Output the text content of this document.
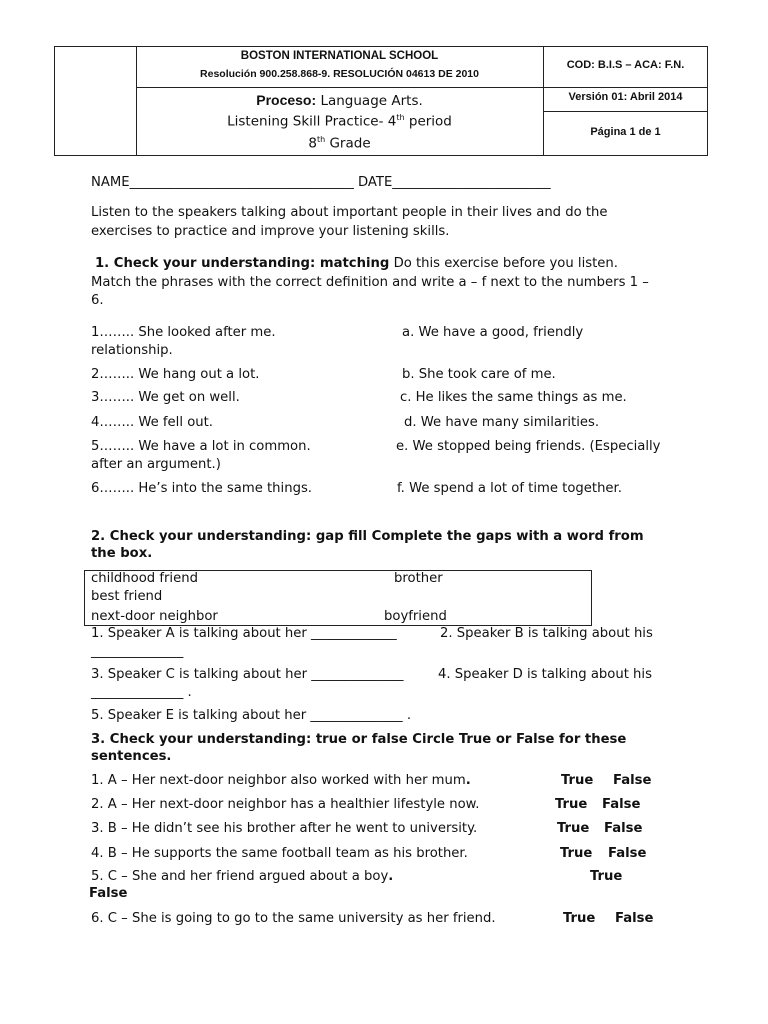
BOSTON INTERNATIONAL SCHOOL
Resolución 900.258.868-9. RESOLUCIÓN 04613 DE 2010
COD: B.I.S – ACA: F.N.
Proceso: Language Arts.
Listening Skill Practice- 4th period
8th Grade
Versión 01: Abril 2014
Página 1 de 1
NAME__________________________________ DATE________________________
Listen to the speakers talking about important people in their lives and do the
exercises to practice and improve your listening skills.
1. Check your understanding: matching Do this exercise before you listen.
Match the phrases with the correct definition and write a – f next to the numbers 1 –
6.
1…….. She looked after me.	a. We have a good, friendly
relationship.
2…….. We hang out a lot.	b. She took care of me.
3…….. We get on well.	c. He likes the same things as me.
4…….. We fell out.	d. We have many similarities.
5…….. We have a lot in common.	e. We stopped being friends. (Especially
after an argument.)
6…….. He’s into the same things.	f. We spend a lot of time together.
2. Check your understanding: gap fill Complete the gaps with a word from
the box.
childhood friend	brother
best friend
next-door neighbor	boyfriend
1. Speaker A is talking about her _____________	2. Speaker B is talking about his
______________
3. Speaker C is talking about her ______________	4. Speaker D is talking about his
______________ .
5. Speaker E is talking about her ______________ .
3. Check your understanding: true or false Circle True or False for these
sentences.
1. A – Her next-door neighbor also worked with her mum.	True False
2. A – Her next-door neighbor has a healthier lifestyle now.	True False
3. B – He didn’t see his brother after he went to university.	True False
4. B – He supports the same football team as his brother.	True False
5. C – She and her friend argued about a boy.	True
False
6. C – She is going to go to the same university as her friend.	True False
